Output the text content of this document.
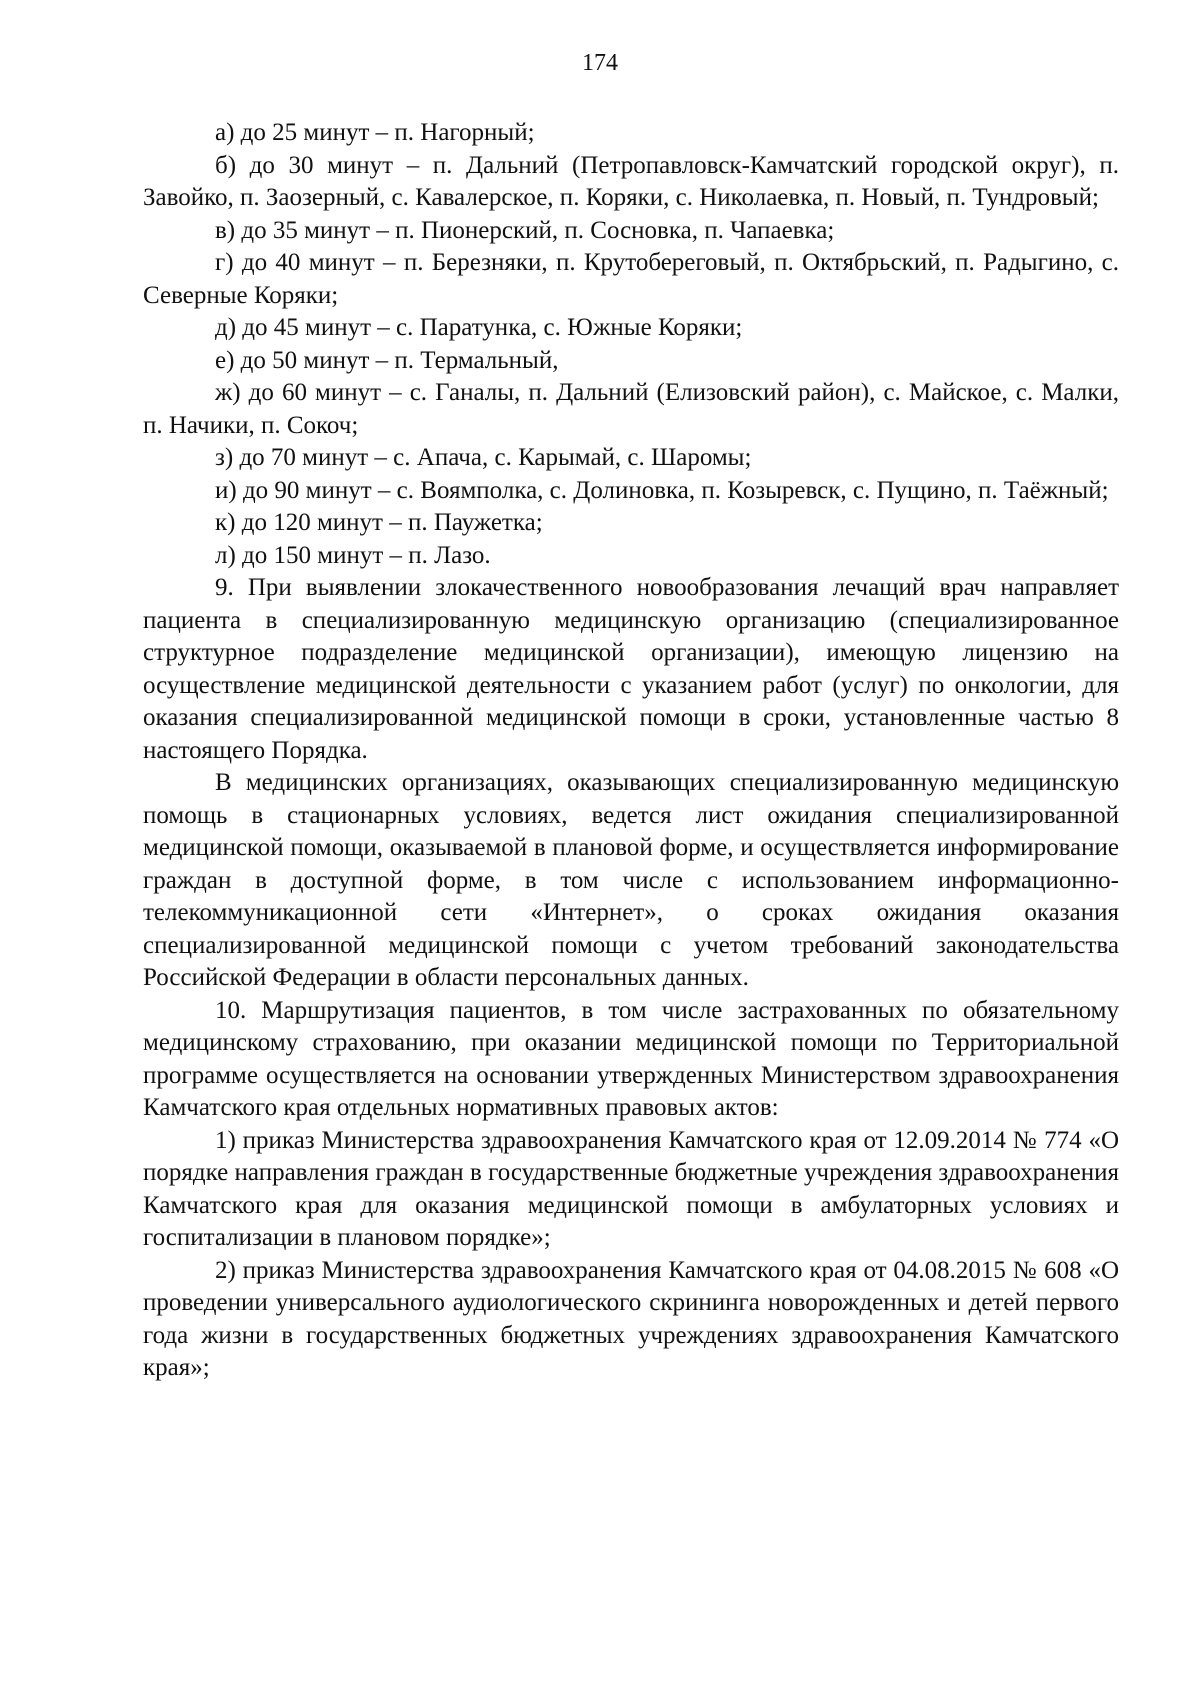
174

а) до 25 минут – п. Нагорный;

б) до 30 минут – п. Дальний (Петропавловск-Камчатский городской округ), п. Завойко, п. Заозерный, с. Кавалерское, п. Коряки, с. Николаевка, п. Новый, п. Тундровый;

в) до 35 минут – п. Пионерский, п. Сосновка, п. Чапаевка;

г) до 40 минут – п. Березняки, п. Крутобереговый, п. Октябрьский, п. Радыгино, с. Северные Коряки;

д) до 45 минут – с. Паратунка, с. Южные Коряки;

е) до 50 минут – п. Термальный,

ж) до 60 минут – с. Ганалы, п. Дальний (Елизовский район), с. Майское, с. Малки, п. Начики, п. Сокоч;

з) до 70 минут – с. Апача, с. Карымай, с. Шаромы;

и) до 90 минут – с. Воямполка, с. Долиновка, п. Козыревск, с. Пущино, п. Таёжный;

к) до 120 минут – п. Паужетка;

л) до 150 минут – п. Лазо.

9. При выявлении злокачественного новообразования лечащий врач направляет пациента в специализированную медицинскую организацию (специализированное структурное подразделение медицинской организации), имеющую лицензию на осуществление медицинской деятельности с указанием работ (услуг) по онкологии, для оказания специализированной медицинской помощи в сроки, установленные частью 8 настоящего Порядка.

В медицинских организациях, оказывающих специализированную медицинскую помощь в стационарных условиях, ведется лист ожидания специализированной медицинской помощи, оказываемой в плановой форме, и осуществляется информирование граждан в доступной форме, в том числе с использованием информационно-телекоммуникационной сети «Интернет», о сроках ожидания оказания специализированной медицинской помощи с учетом требований законодательства Российской Федерации в области персональных данных.

10. Маршрутизация пациентов, в том числе застрахованных по обязательному медицинскому страхованию, при оказании медицинской помощи по Территориальной программе осуществляется на основании утвержденных Министерством здравоохранения Камчатского края отдельных нормативных правовых актов:

1) приказ Министерства здравоохранения Камчатского края от 12.09.2014 № 774 «О порядке направления граждан в государственные бюджетные учреждения здравоохранения Камчатского края для оказания медицинской помощи в амбулаторных условиях и госпитализации в плановом порядке»;

2) приказ Министерства здравоохранения Камчатского края от 04.08.2015 № 608 «О проведении универсального аудиологического скрининга новорожденных и детей первого года жизни в государственных бюджетных учреждениях здравоохранения Камчатского края»;
